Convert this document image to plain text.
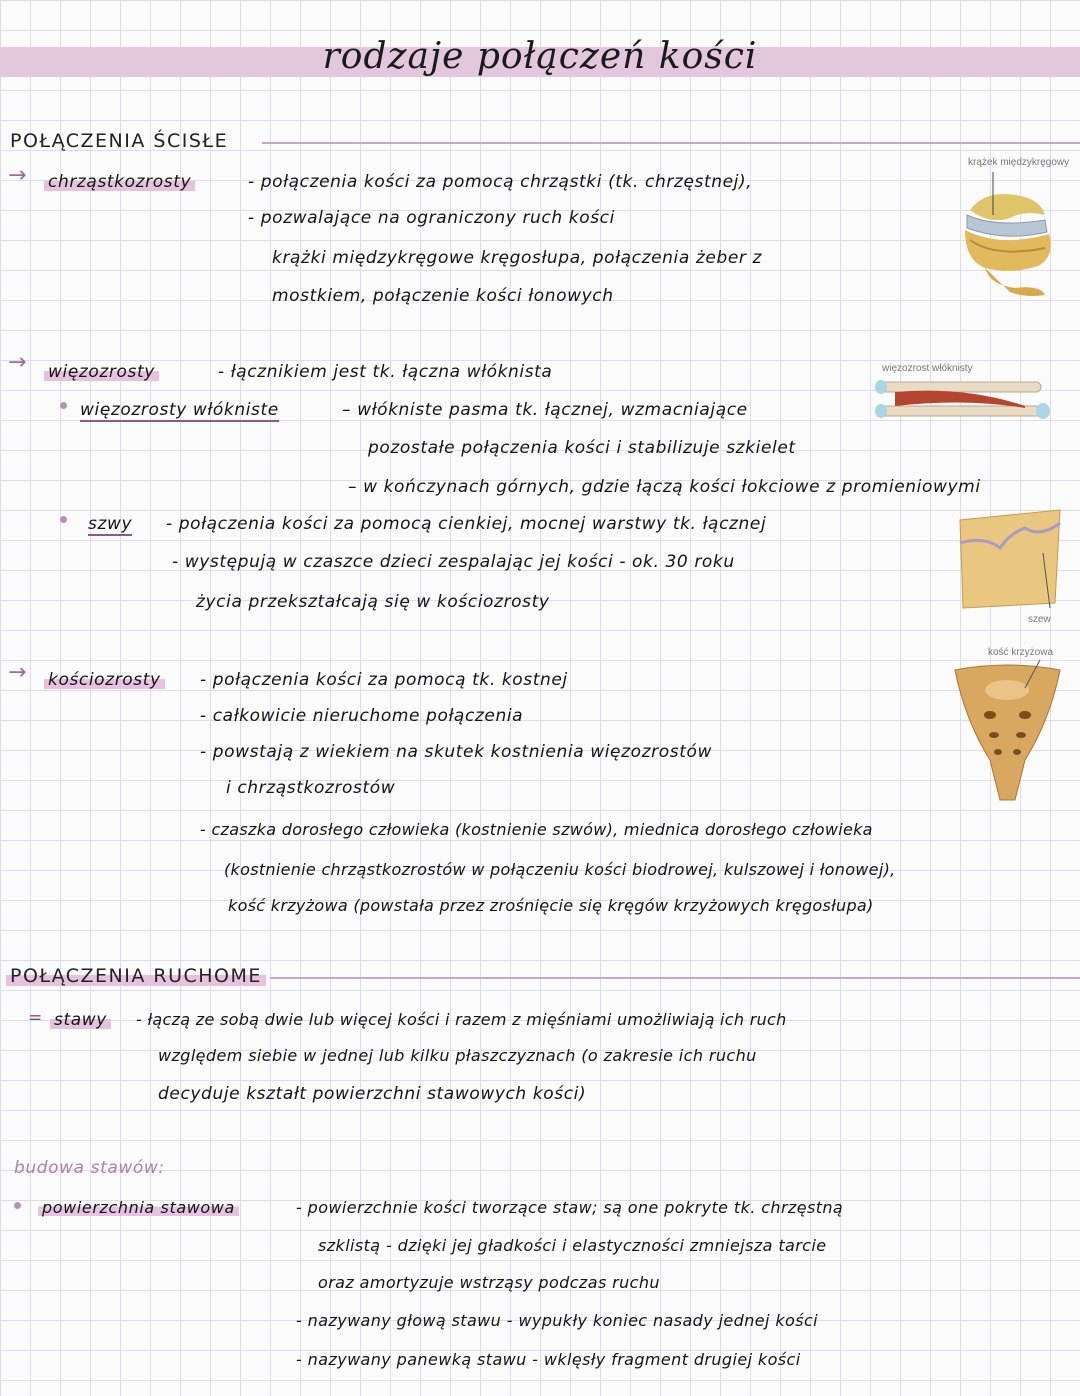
rodzaje połączeń kości
POŁĄCZENIA ŚCISŁE
→ chrząstkozrosty	- połączenia kości za pomocą chrząstki (tk. chrzęstnej),
- pozwalające na ograniczony ruch kości
krążki międzykręgowe kręgosłupa, połączenia żeber z
mostkiem, połączenie kości łonowych
krążek międzykręgowy
→ więzozrosty	- łącznikiem jest tk. łączna włóknista
więzozrosty włókniste	– włókniste pasma tk. łącznej, wzmacniające
pozostałe połączenia kości i stabilizuje szkielet
– w kończynach górnych, gdzie łączą kości łokciowe z promieniowymi
więzozrost włóknisty
szwy - połączenia kości za pomocą cienkiej, mocnej warstwy tk. łącznej
- występują w czaszce dzieci zespalając jej kości - ok. 30 roku
życia przekształcają się w kościozrosty
szew
→ kościozrosty - połączenia kości za pomocą tk. kostnej
- całkowicie nieruchome połączenia
- powstają z wiekiem na skutek kostnienia więzozrostów
i chrząstkozrostów
- czaszka dorosłego człowieka (kostnienie szwów), miednica dorosłego człowieka
(kostnienie chrząstkozrostów w połączeniu kości biodrowej, kulszowej i łonowej),
kość krzyżowa (powstała przez zrośnięcie się kręgów krzyżowych kręgosłupa)
kość krzyżowa
POŁĄCZENIA RUCHOME
= stawy - łączą ze sobą dwie lub więcej kości i razem z mięśniami umożliwiają ich ruch
względem siebie w jednej lub kilku płaszczyznach (o zakresie ich ruchu
decyduje kształt powierzchni stawowych kości)
budowa stawów:
powierzchnia stawowa	- powierzchnie kości tworzące staw; są one pokryte tk. chrzęstną
szklistą - dzięki jej gładkości i elastyczności zmniejsza tarcie
oraz amortyzuje wstrząsy podczas ruchu
- nazywany głową stawu - wypukły koniec nasady jednej kości
- nazywany panewką stawu - wklęsły fragment drugiej kości
